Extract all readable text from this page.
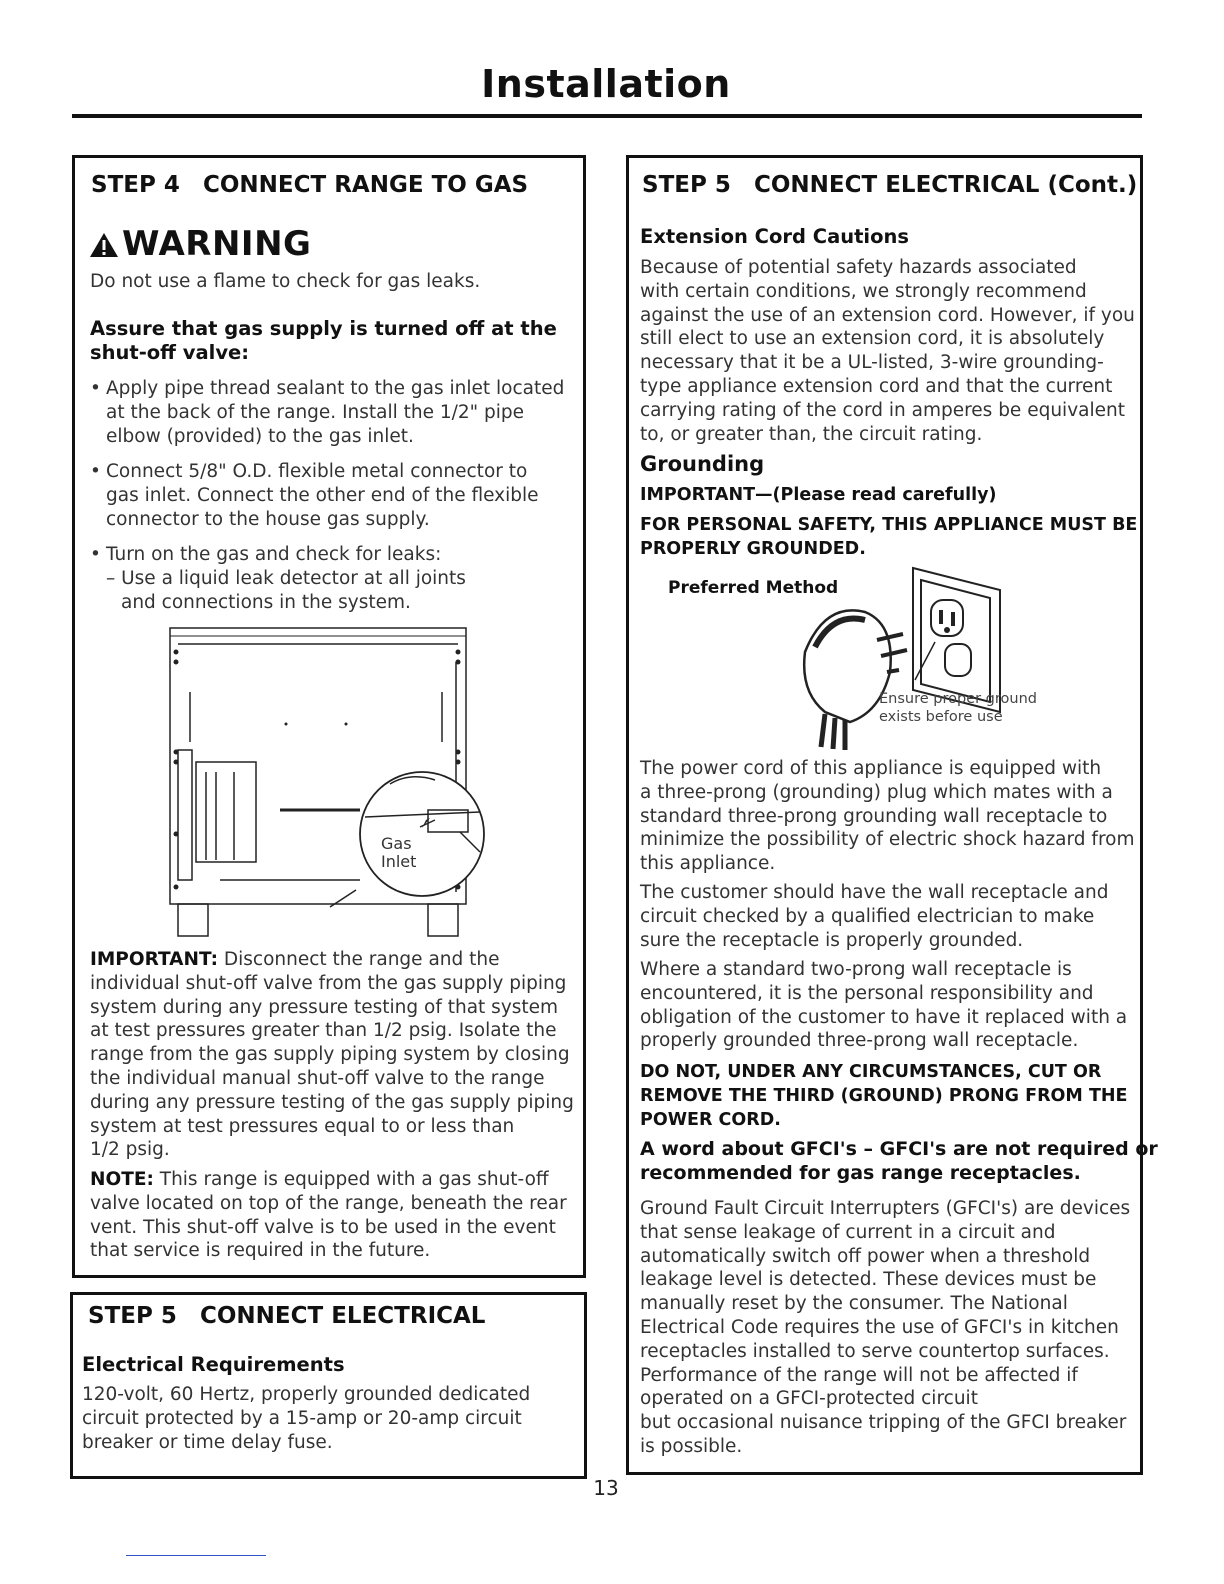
Installation
STEP 4 CONNECT RANGE TO GAS
WARNING
Do not use a flame to check for gas leaks.
Assure that gas supply is turned off at the
shut-off valve:
• Apply pipe thread sealant to the gas inlet located
at the back of the range. Install the 1/2" pipe
elbow (provided) to the gas inlet.
• Connect 5/8" O.D. flexible metal connector to
gas inlet. Connect the other end of the flexible
connector to the house gas supply.
• Turn on the gas and check for leaks:
– Use a liquid leak detector at all joints
and connections in the system.
Gas
Inlet
IMPORTANT: Disconnect the range and the
individual shut-off valve from the gas supply piping
system during any pressure testing of that system
at test pressures greater than 1/2 psig. Isolate the
range from the gas supply piping system by closing
the individual manual shut-off valve to the range
during any pressure testing of the gas supply piping
system at test pressures equal to or less than
1/2 psig.
NOTE: This range is equipped with a gas shut-off
valve located on top of the range, beneath the rear
vent. This shut-off valve is to be used in the event
that service is required in the future.
STEP 5 CONNECT ELECTRICAL
Electrical Requirements
120-volt, 60 Hertz, properly grounded dedicated
circuit protected by a 15-amp or 20-amp circuit
breaker or time delay fuse.
STEP 5 CONNECT ELECTRICAL (Cont.)
Extension Cord Cautions
Because of potential safety hazards associated
with certain conditions, we strongly recommend
against the use of an extension cord. However, if you
still elect to use an extension cord, it is absolutely
necessary that it be a UL-listed, 3-wire grounding-
type appliance extension cord and that the current
carrying rating of the cord in amperes be equivalent
to, or greater than, the circuit rating.
Grounding
IMPORTANT—(Please read carefully)
FOR PERSONAL SAFETY, THIS APPLIANCE MUST BE
PROPERLY GROUNDED.
Preferred Method
Ensure proper ground
exists before use
The power cord of this appliance is equipped with
a three-prong (grounding) plug which mates with a
standard three-prong grounding wall receptacle to
minimize the possibility of electric shock hazard from
this appliance.
The customer should have the wall receptacle and
circuit checked by a qualified electrician to make
sure the receptacle is properly grounded.
Where a standard two-prong wall receptacle is
encountered, it is the personal responsibility and
obligation of the customer to have it replaced with a
properly grounded three-prong wall receptacle.
DO NOT, UNDER ANY CIRCUMSTANCES, CUT OR
REMOVE THE THIRD (GROUND) PRONG FROM THE
POWER CORD.
A word about GFCI's – GFCI's are not required or
recommended for gas range receptacles.
Ground Fault Circuit Interrupters (GFCI's) are devices
that sense leakage of current in a circuit and
automatically switch off power when a threshold
leakage level is detected. These devices must be
manually reset by the consumer. The National
Electrical Code requires the use of GFCI's in kitchen
receptacles installed to serve countertop surfaces.
Performance of the range will not be affected if
operated on a GFCI-protected circuit
but occasional nuisance tripping of the GFCI breaker
is possible.
13
